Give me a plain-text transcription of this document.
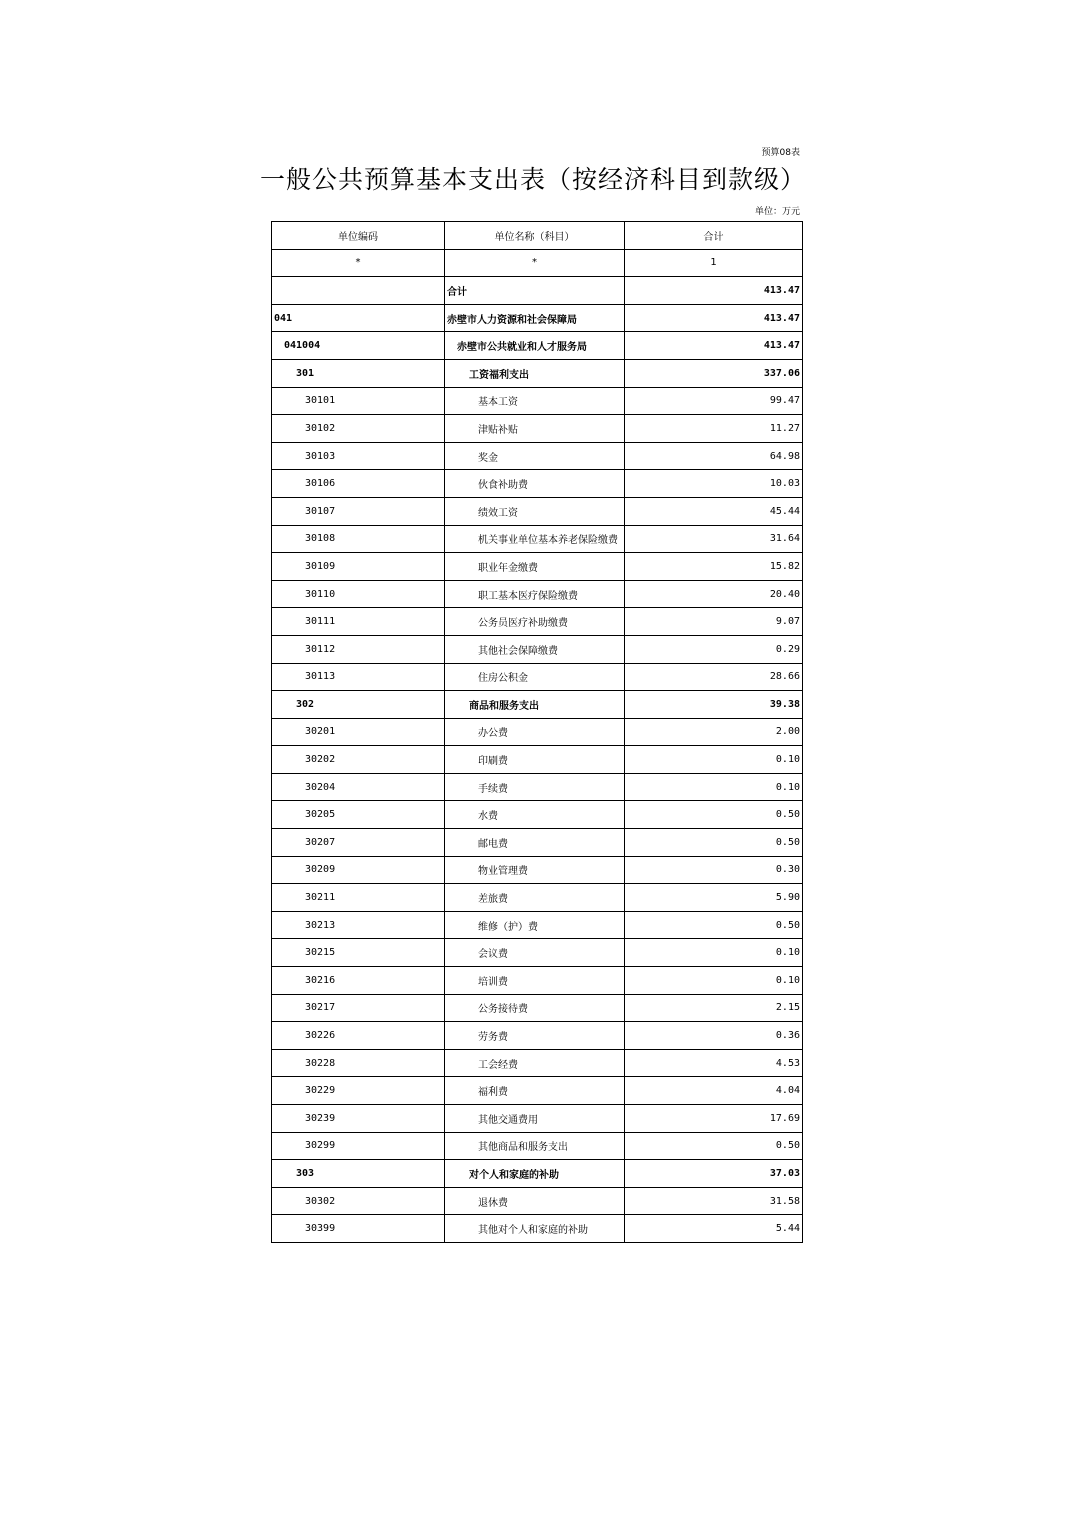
预算08表
一般公共预算基本支出表（按经济科目到款级）
单位：万元
单位编码	单位名称（科目）	合计
*	*	1
	合计	413.47
041	赤壁市人力资源和社会保障局	413.47
041004	赤壁市公共就业和人才服务局	413.47
301	工资福利支出	337.06
30101	基本工资	99.47
30102	津贴补贴	11.27
30103	奖金	64.98
30106	伙食补助费	10.03
30107	绩效工资	45.44
30108	机关事业单位基本养老保险缴费	31.64
30109	职业年金缴费	15.82
30110	职工基本医疗保险缴费	20.40
30111	公务员医疗补助缴费	9.07
30112	其他社会保障缴费	0.29
30113	住房公积金	28.66
302	商品和服务支出	39.38
30201	办公费	2.00
30202	印刷费	0.10
30204	手续费	0.10
30205	水费	0.50
30207	邮电费	0.50
30209	物业管理费	0.30
30211	差旅费	5.90
30213	维修（护）费	0.50
30215	会议费	0.10
30216	培训费	0.10
30217	公务接待费	2.15
30226	劳务费	0.36
30228	工会经费	4.53
30229	福利费	4.04
30239	其他交通费用	17.69
30299	其他商品和服务支出	0.50
303	对个人和家庭的补助	37.03
30302	退休费	31.58
30399	其他对个人和家庭的补助	5.44
